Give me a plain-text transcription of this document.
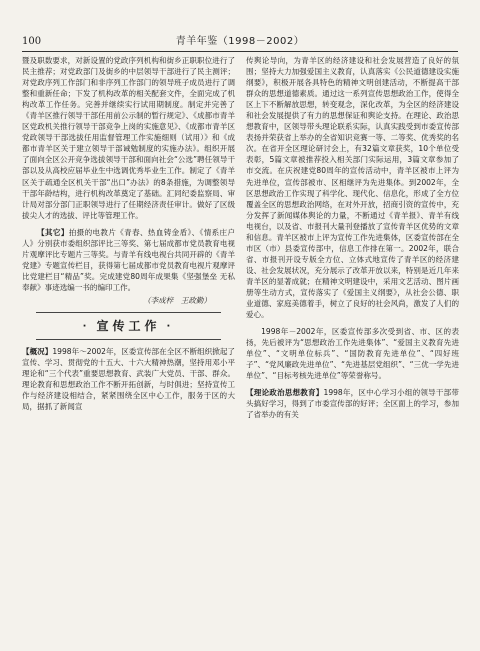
100	青羊年鉴（1998－2002）

暨及职数要求，对新设置的党政序列机构和街乡正职职位进行了民主推荐；对党政部门及街乡的中层领导干部进行了民主测评；对党政序列工作部门和非序列工作部门的领导班子成员进行了调整和重新任命；下发了机构改革的相关配套文件，全面完成了机构改革工作任务。完善并继续实行试用期制度。制定并完善了《青羊区推行领导干部任用前公示制的暂行规定》、《成都市青羊区党政机关推行领导干部竞争上岗的实施意见》、《成都市青羊区党政领导干部选拔任用监督管理工作实施细则（试用）》和《成都市青羊区关于建立领导干部诫勉制度的实施办法》。组织开展了面向全区公开竞争选拔领导干部和面向社会“公选”聘任领导干部以及从高校应届毕业生中选调优秀毕业生工作。制定了《青羊区关于疏通全区机关干部“出口”办法》的8条措施，为调整领导干部年龄结构，进行机构改革奠定了基础。汇同纪委监察局、审计局对部分部门正职领导进行了任期经济责任审计。做好了区级拔尖人才的选拔、评比等管理工作。

【其它】拍摄的电教片《青春、热血铸金盾》、《情系庄户人》分别获市委组织部评比三等奖、第七届成都市党员教育电视片观摩评比专题片三等奖。与青羊有线电视台共同开辟的《青羊党建》专题宣传栏目，获得第七届成都市党员教育电视片观摩评比党建栏目“精品”奖。完成建党80周年成果集《坚强堡垒 无私奉献》事迹选编一书的编印工作。

（李成梓　王政勤）
· 宣传工作 ·

【概况】1998年～2002年，区委宣传部在全区不断组织掀起了宣传、学习、贯彻党的十五大、十六大精神热潮，坚持用邓小平理论和“三个代表”重要思想教育、武装广大党员、干部、群众。理论教育和思想政治工作不断开拓创新，与时俱进；坚持宣传工作与经济建设相结合，紧紧围绕全区中心工作，服务于区的大局，据抓了新闻宣

传舆论导向，为青羊区的经济建设和社会发展营造了良好的氛围；坚持大力加强爱国主义教育，认真落实《公民道德建设实施纲要》，积极开展各具特色的精神文明创建活动，不断提高干部群众的思想道德素质。通过这一系列宣传思想政治工作，使得全区上下不断解放思想，转变观念，深化改革，为全区的经济建设和社会发展提供了有力的思想保证和舆论支持。在理论、政治思想教育中，区领导带头理论联系实际，认真实践受到市委宣传部表扬并荣获省上举办的全省知识竞赛一等、二等奖、优秀奖的名次。在省开全区理论研讨会上，有32篇文章获奖，10个单位受表彰，5篇文章被推荐投入相关部门实际运用，3篇文章参加了市交流。在庆祝建党80周年的宣传活动中，青羊区被市上评为先进单位，宣传部被市、区相继评为先进集体。到2002年，全区思想政治工作实现了科学化、现代化、信息化，形成了全方位覆盖全区的思想政治网络，在对外开放，招商引资的宣传中，充分发挥了新闻媒体舆论的力量，不断通过《青羊报》、青羊有线电视台，以及省、市报刊大量刊登播放了宣传青羊区优势的文章和信息。青羊区被市上评为宣传工作先进集体，区委宣传部在全市区（市）县委宣传部中，信息工作排在第一。2002年，联合省、市报刊开设专版全方位、立体式地宣传了青羊区的经济建设、社会发展状况，充分展示了改革开放以来，特别是近几年来青羊区的显著成就；在精神文明建设中，采用文艺活动、图片画册等生动方式，宣传落实了《爱国主义纲要》，从社会公德、职业道德、家庭美德着手，树立了良好的社会风尚，激发了人们的爱心。

1998年－2002年，区委宣传部多次受到省、市、区的表扬，先后被评为“思想政治工作先进集体”、“爱国主义教育先进单位”、“文明单位标兵”、“国防教育先进单位”、“四好班子”、“党风廉政先进单位”、“先进基层党组织”、“三优一学先进单位”、“目标考核先进单位”等荣誉称号。

【理论政治思想教育】1998年，区中心学习小组的领导干部带头搞好学习，得到了市委宣传部的好评；全区面上的学习，参加了省举办的有关
